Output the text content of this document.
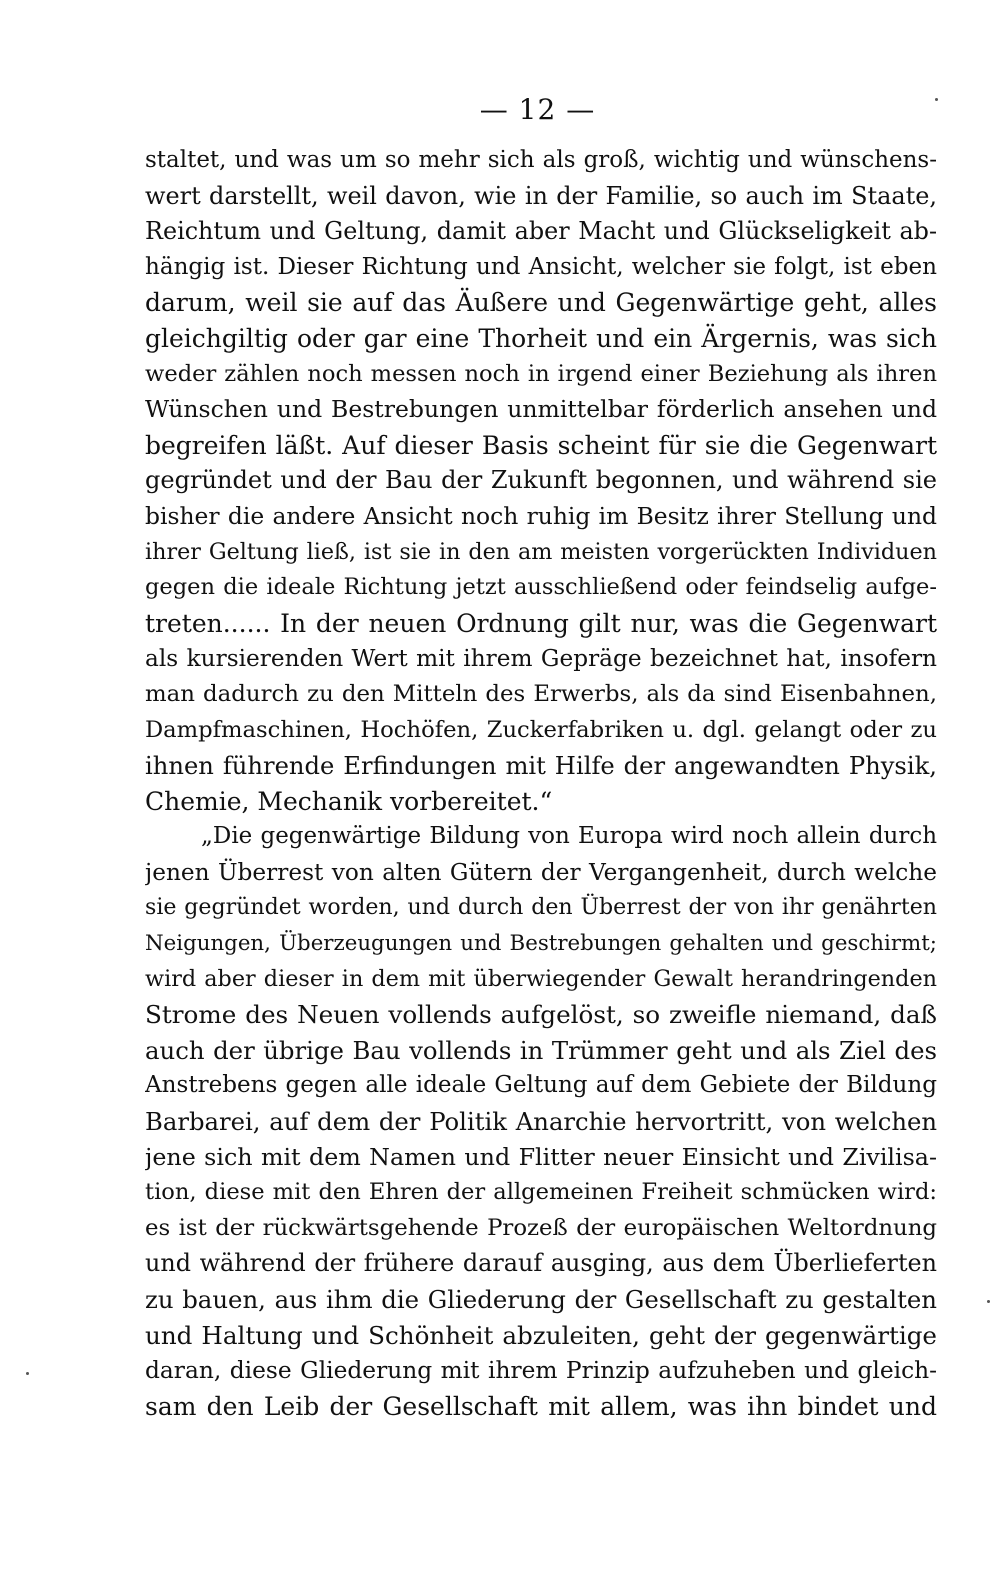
— 12 —
staltet, und was um so mehr sich als groß, wichtig und wünschens-
wert darstellt, weil davon, wie in der Familie, so auch im Staate,
Reichtum und Geltung, damit aber Macht und Glückseligkeit ab-
hängig ist. Dieser Richtung und Ansicht, welcher sie folgt, ist eben
darum, weil sie auf das Äußere und Gegenwärtige geht, alles
gleichgiltig oder gar eine Thorheit und ein Ärgernis, was sich
weder zählen noch messen noch in irgend einer Beziehung als ihren
Wünschen und Bestrebungen unmittelbar förderlich ansehen und
begreifen läßt. Auf dieser Basis scheint für sie die Gegenwart
gegründet und der Bau der Zukunft begonnen, und während sie
bisher die andere Ansicht noch ruhig im Besitz ihrer Stellung und
ihrer Geltung ließ, ist sie in den am meisten vorgerückten Individuen
gegen die ideale Richtung jetzt ausschließend oder feindselig aufge-
treten...... In der neuen Ordnung gilt nur, was die Gegenwart
als kursierenden Wert mit ihrem Gepräge bezeichnet hat, insofern
man dadurch zu den Mitteln des Erwerbs, als da sind Eisenbahnen,
Dampfmaschinen, Hochöfen, Zuckerfabriken u. dgl. gelangt oder zu
ihnen führende Erfindungen mit Hilfe der angewandten Physik,
Chemie, Mechanik vorbereitet.“
„Die gegenwärtige Bildung von Europa wird noch allein durch
jenen Überrest von alten Gütern der Vergangenheit, durch welche
sie gegründet worden, und durch den Überrest der von ihr genährten
Neigungen, Überzeugungen und Bestrebungen gehalten und geschirmt;
wird aber dieser in dem mit überwiegender Gewalt herandringenden
Strome des Neuen vollends aufgelöst, so zweifle niemand, daß
auch der übrige Bau vollends in Trümmer geht und als Ziel des
Anstrebens gegen alle ideale Geltung auf dem Gebiete der Bildung
Barbarei, auf dem der Politik Anarchie hervortritt, von welchen
jene sich mit dem Namen und Flitter neuer Einsicht und Zivilisa-
tion, diese mit den Ehren der allgemeinen Freiheit schmücken wird:
es ist der rückwärtsgehende Prozeß der europäischen Weltordnung
und während der frühere darauf ausging, aus dem Überlieferten
zu bauen, aus ihm die Gliederung der Gesellschaft zu gestalten
und Haltung und Schönheit abzuleiten, geht der gegenwärtige
daran, diese Gliederung mit ihrem Prinzip aufzuheben und gleich-
sam den Leib der Gesellschaft mit allem, was ihn bindet und
